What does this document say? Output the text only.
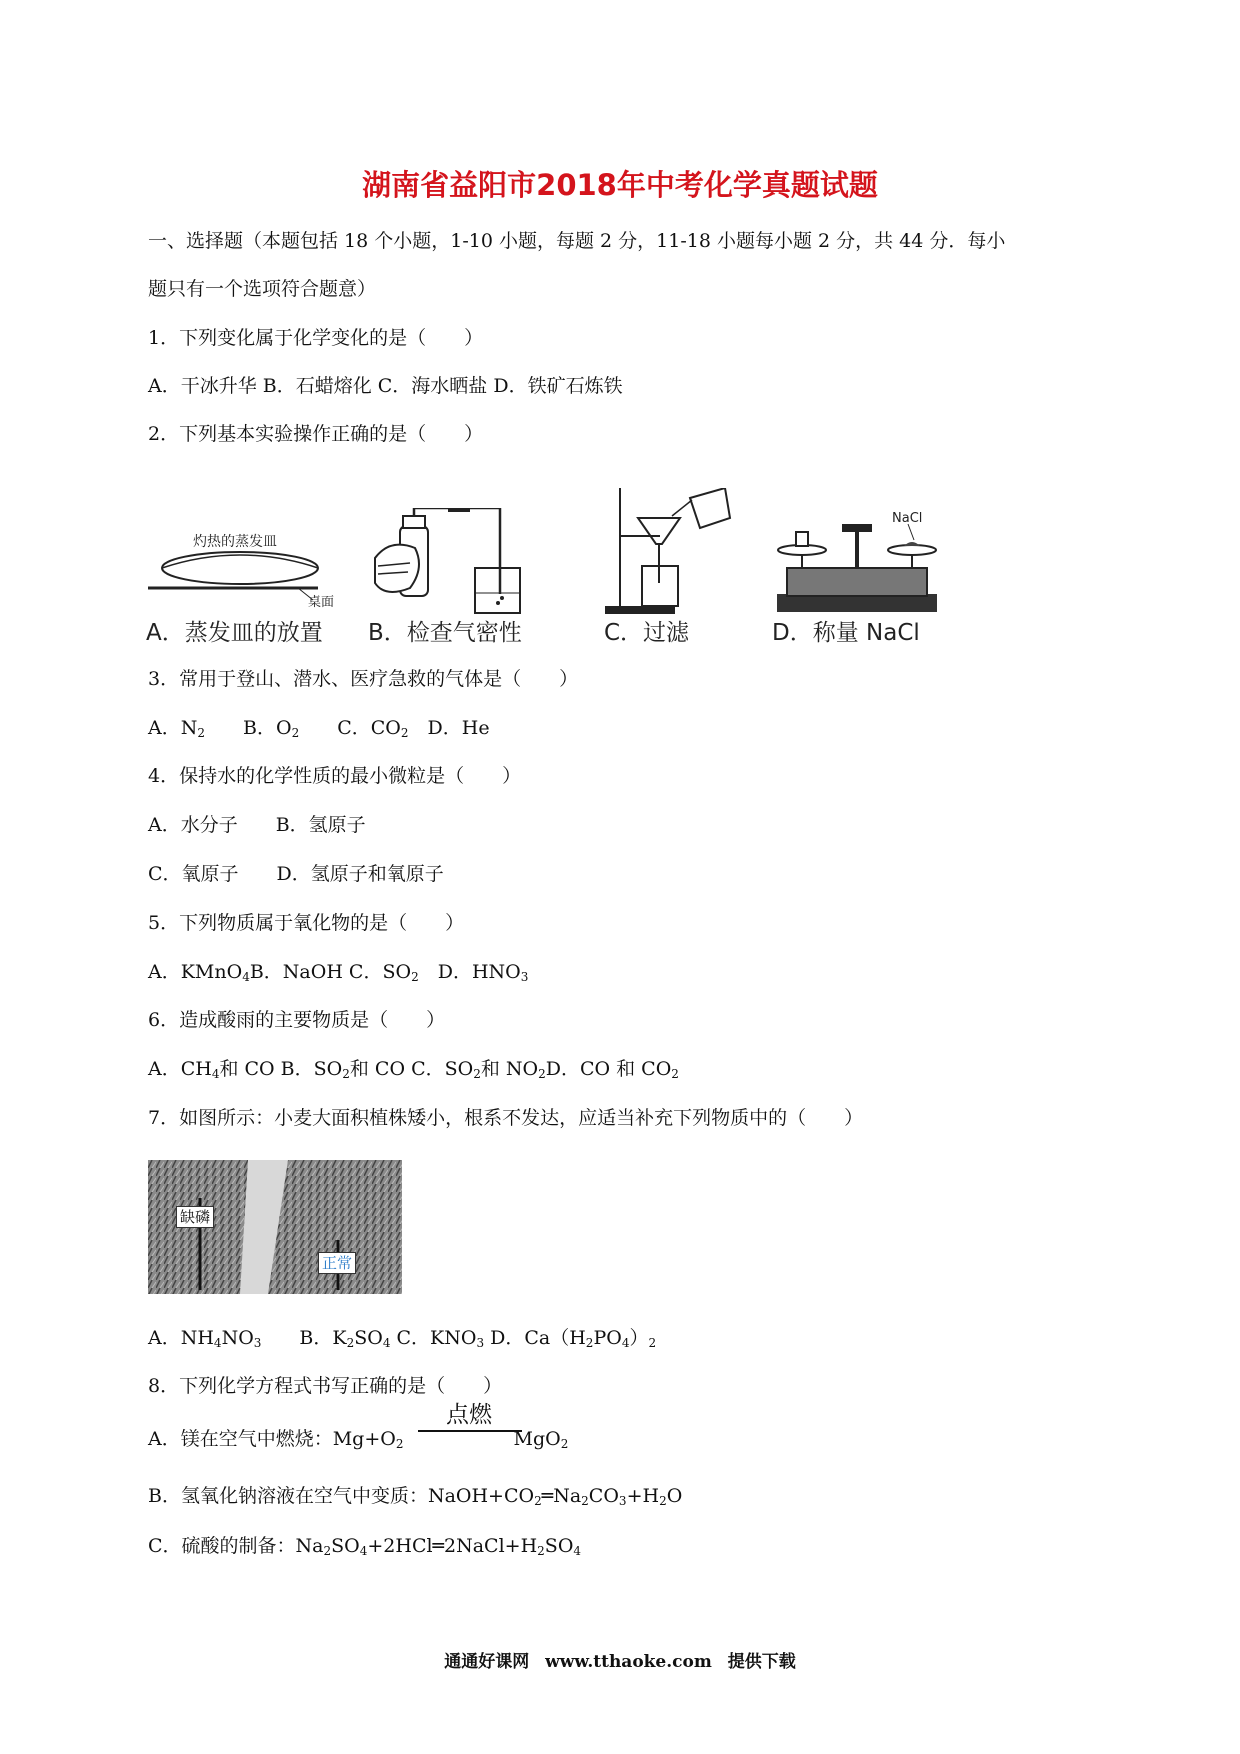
湖南省益阳市2018年中考化学真题试题
一、选择题（本题包括 18 个小题，1-10 小题，每题 2 分，11-18 小题每小题 2 分，共 44 分．每小
题只有一个选项符合题意）
1．下列变化属于化学变化的是（　　）
A．干冰升华 B．石蜡熔化 C．海水晒盐 D．铁矿石炼铁
2．下列基本实验操作正确的是（　　）
灼热的蒸发皿
桌面
A．蒸发皿的放置 B．检查气密性	C．过滤
NaCl
D．称量 NaCl
3．常用于登山、潜水、医疗急救的气体是（　　）
A．$N_2$　　 B．$O_2$　　 C．$CO_2$　 D．He
4．保持水的化学性质的最小微粒是（　　）
A．水分子　　B．氢原子
C．氧原子　　D．氢原子和氧原子
5．下列物质属于氧化物的是（　　）
A．KMnO$_4$B．NaOH C．$SO_2$　 D．$HNO_3$
6．造成酸雨的主要物质是（　　）
A．$CH_4$和 CO B．$SO_2$和 CO C．$SO_2$和 $NO_2D$．CO 和 $CO_2$
7．如图所示：小麦大面积植株矮小，根系不发达，应适当补充下列物质中的（　　）
缺磷
正常
A．$NH_4NO_3$　　B．$K_2SO_4$ C．$KNO_3$ D．$Ca(H_2PO_4)_2$
8．下列化学方程式书写正确的是（　　）
A．镁在空气中燃烧：$Mg+O_2$	MgO$_2$
点燃
B．氢氧化钠溶液在空气中变质：$NaOH+CO_2═Na_2CO_3+H_2O$
C．硫酸的制备：$Na_2SO_4+2HCl═2NaCl+H_2SO_4$
通通好课网 www.tthaoke.com 提供下载
